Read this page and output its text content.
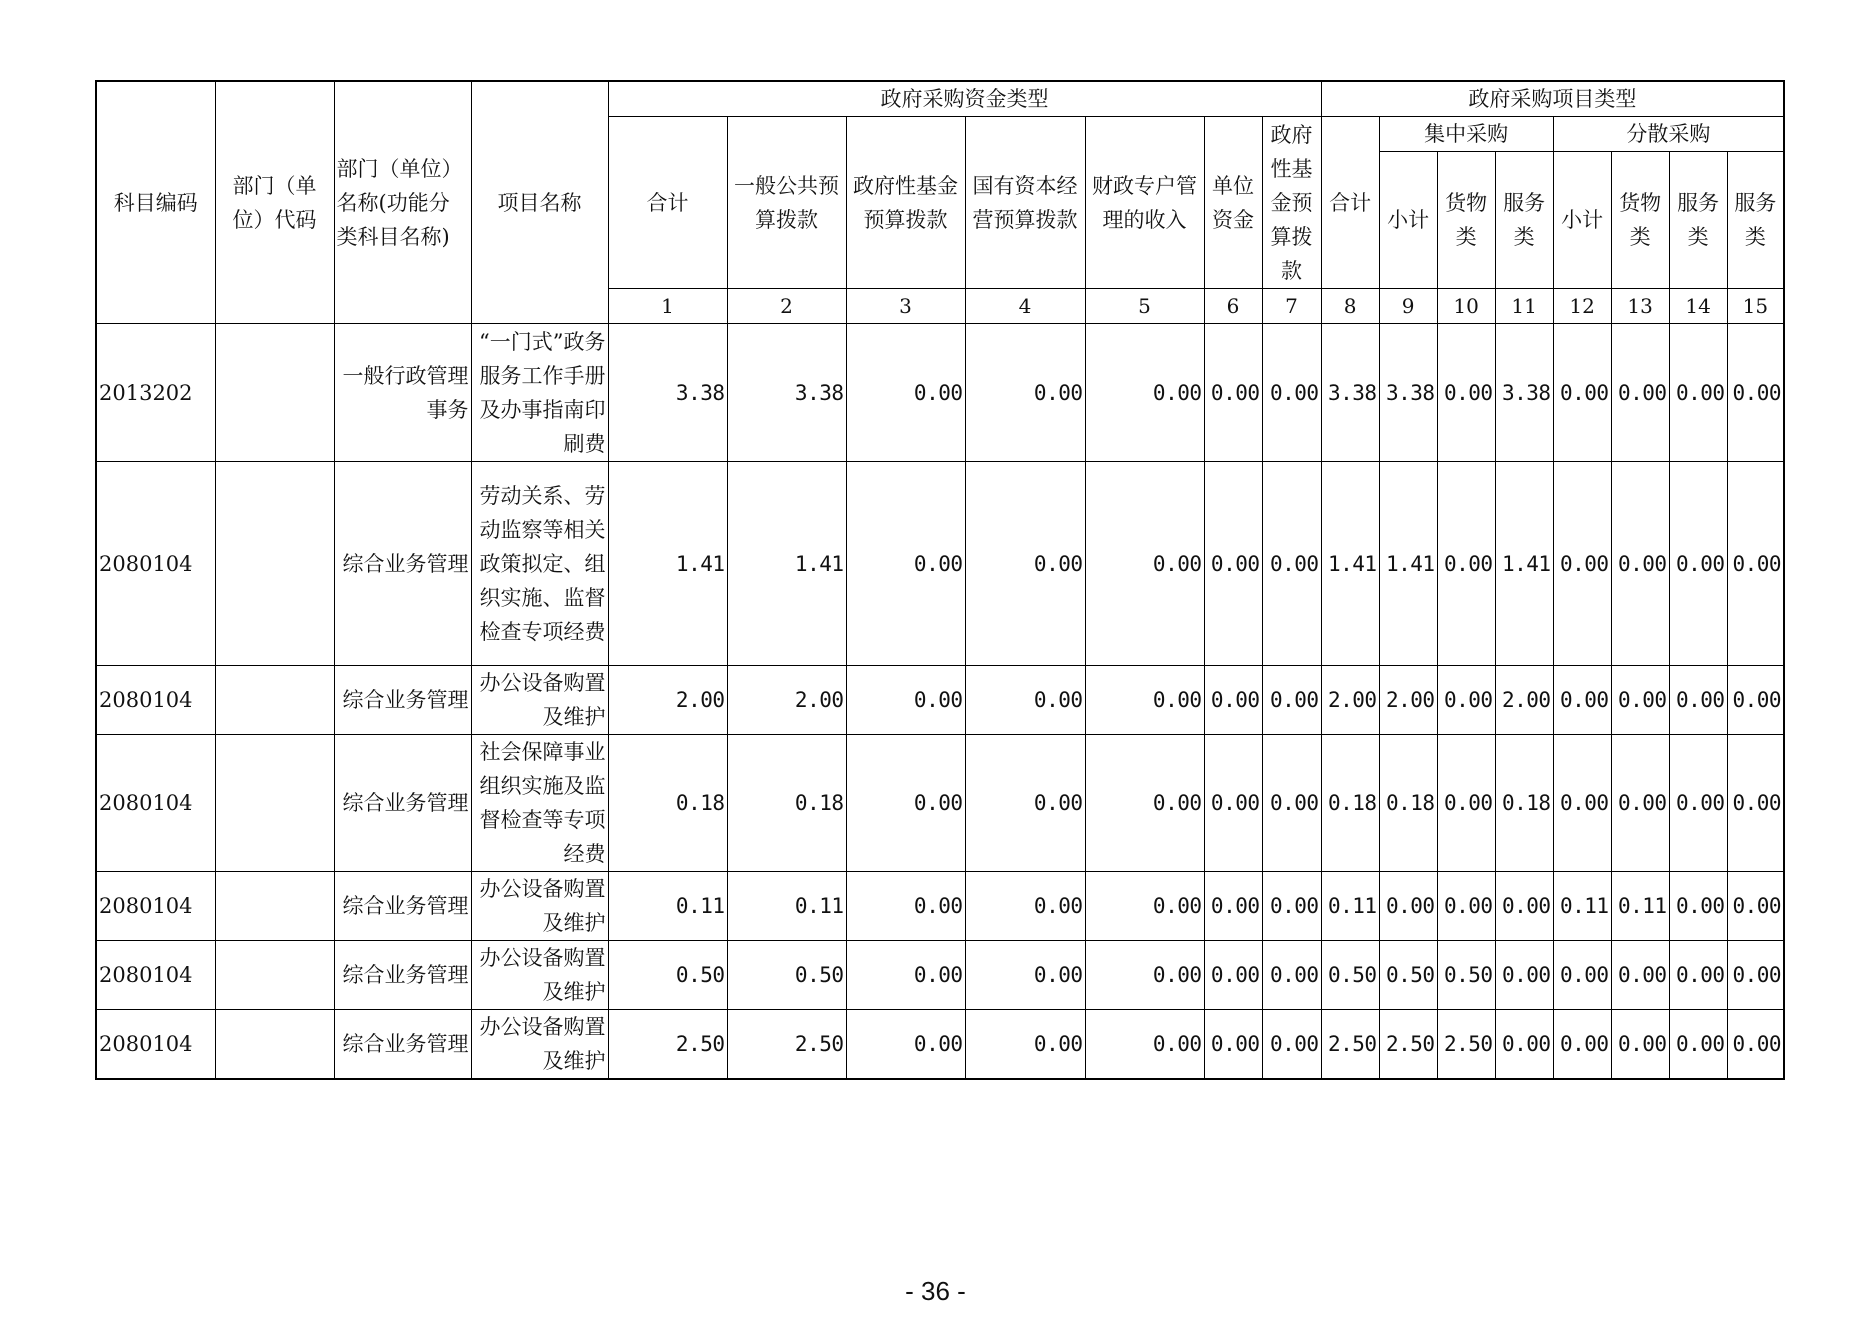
科目编码	部门（单位）代码	部门（单位）名称(功能分类科目名称)	项目名称	政府采购资金类型							政府采购项目类型							
				合计	一般公共预算拨款	政府性基金预算拨款	国有资本经营预算拨款	财政专户管理的收入	单位资金	政府性基金预算拨款	合计	集中采购			分散采购			
												小计	货物类	服务类	小计	货物类	服务类	服务类
				1	2	3	4	5	6	7	8	9	10	11	12	13	14	15
2013202		一般行政管理事务	“一门式”政务服务工作手册及办事指南印刷费	3.38	3.38	0.00	0.00	0.00	0.00	0.00	3.38	3.38	0.00	3.38	0.00	0.00	0.00	0.00
2080104		综合业务管理	劳动关系、劳动监察等相关政策拟定、组织实施、监督检查专项经费	1.41	1.41	0.00	0.00	0.00	0.00	0.00	1.41	1.41	0.00	1.41	0.00	0.00	0.00	0.00
2080104		综合业务管理	办公设备购置及维护	2.00	2.00	0.00	0.00	0.00	0.00	0.00	2.00	2.00	0.00	2.00	0.00	0.00	0.00	0.00
2080104		综合业务管理	社会保障事业组织实施及监督检查等专项经费	0.18	0.18	0.00	0.00	0.00	0.00	0.00	0.18	0.18	0.00	0.18	0.00	0.00	0.00	0.00
2080104		综合业务管理	办公设备购置及维护	0.11	0.11	0.00	0.00	0.00	0.00	0.00	0.11	0.00	0.00	0.00	0.11	0.11	0.00	0.00
2080104		综合业务管理	办公设备购置及维护	0.50	0.50	0.00	0.00	0.00	0.00	0.00	0.50	0.50	0.50	0.00	0.00	0.00	0.00	0.00
2080104		综合业务管理	办公设备购置及维护	2.50	2.50	0.00	0.00	0.00	0.00	0.00	2.50	2.50	2.50	0.00	0.00	0.00	0.00	0.00
- 36 -
